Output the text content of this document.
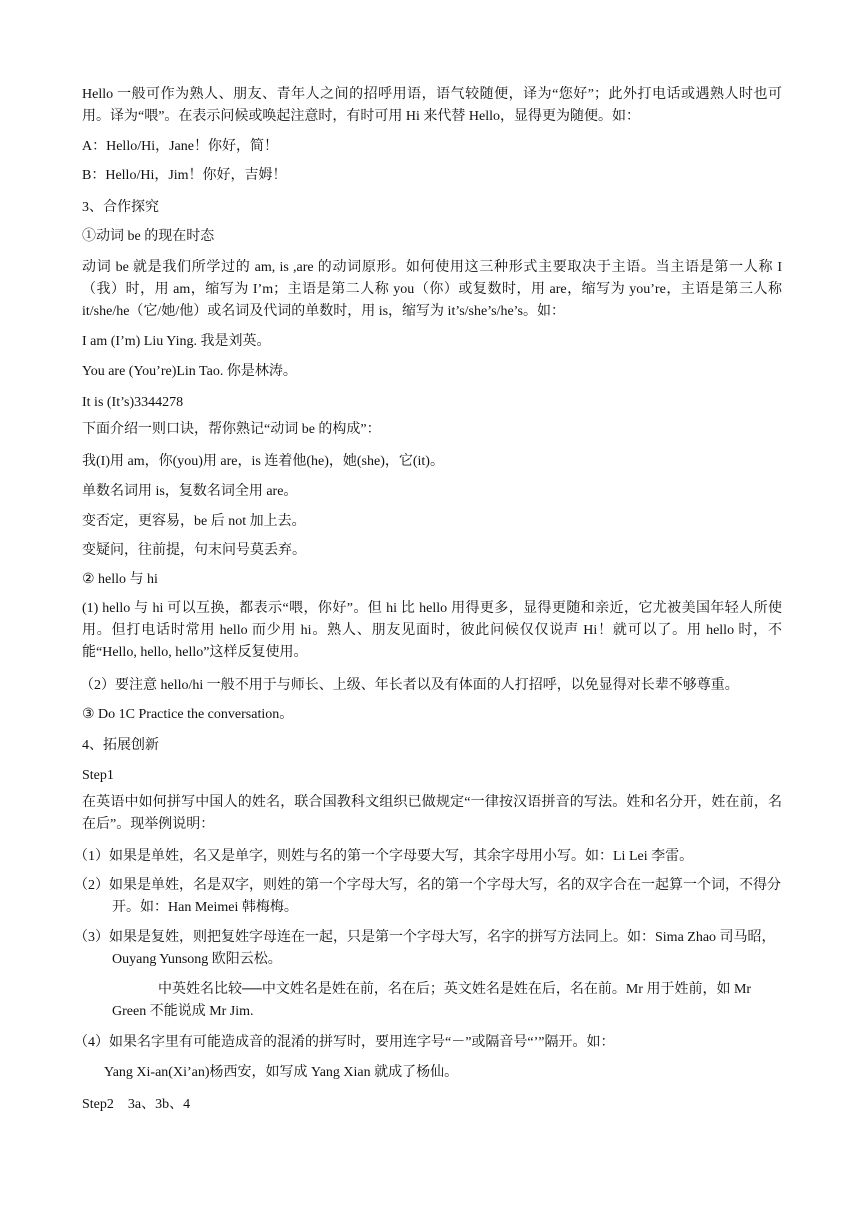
Hello 一般可作为熟人、朋友、青年人之间的招呼用语，语气较随便，译为“您好”；此外打电话或遇熟人时也可用。译为“喂”。在表示问候或唤起注意时，有时可用 Hi 来代替 Hello，显得更为随便。如：
A：Hello/Hi，Jane！你好，简！
B：Hello/Hi，Jim！你好，吉姆！
3、合作探究
①动词 be 的现在时态
动词 be 就是我们所学过的 am, is ,are 的动词原形。如何使用这三种形式主要取决于主语。当主语是第一人称 I（我）时，用 am，缩写为 I’m；主语是第二人称 you（你）或复数时，用 are，缩写为 you’re，主语是第三人称 it/she/he（它/她/他）或名词及代词的单数时，用 is，缩写为 it’s/she’s/he’s。如：
I am (I’m) Liu Ying. 我是刘英。
You are (You’re)Lin Tao. 你是林涛。
It is (It’s)3344278
下面介绍一则口诀，帮你熟记“动词 be 的构成”：
我(I)用 am，你(you)用 are，is 连着他(he)，她(she)，它(it)。
单数名词用 is，复数名词全用 are。
变否定，更容易，be 后 not 加上去。
变疑问，往前提，句末问号莫丢弃。
② hello 与 hi
(1) hello 与 hi 可以互换，都表示“喂，你好”。但 hi 比 hello 用得更多，显得更随和亲近，它尤被美国年轻人所使用。但打电话时常用 hello 而少用 hi。熟人、朋友见面时，彼此问候仅仅说声 Hi！就可以了。用 hello 时，不能“Hello, hello, hello”这样反复使用。
（2）要注意 hello/hi 一般不用于与师长、上级、年长者以及有体面的人打招呼，以免显得对长辈不够尊重。
③ Do 1C Practice the conversation。
4、拓展创新
Step1
在英语中如何拼写中国人的姓名，联合国教科文组织已做规定“一律按汉语拼音的写法。姓和名分开，姓在前，名在后”。现举例说明：
（1）如果是单姓，名又是单字，则姓与名的第一个字母要大写，其余字母用小写。如：Li Lei 李雷。
（2）如果是单姓，名是双字，则姓的第一个字母大写，名的第一个字母大写，名的双字合在一起算一个词，不得分开。如：Han Meimei 韩梅梅。
（3）如果是复姓，则把复姓字母连在一起，只是第一个字母大写，名字的拼写方法同上。如：Sima Zhao 司马昭，Ouyang Yunsong 欧阳云松。
中英姓名比较──中文姓名是姓在前，名在后；英文姓名是姓在后，名在前。Mr 用于姓前，如 Mr Green 不能说成 Mr Jim.
（4）如果名字里有可能造成音的混淆的拼写时，要用连字号“－”或隔音号“’”隔开。如：
Yang Xi-an(Xi’an)杨西安，如写成 Yang Xian 就成了杨仙。
Step2    3a、3b、4
